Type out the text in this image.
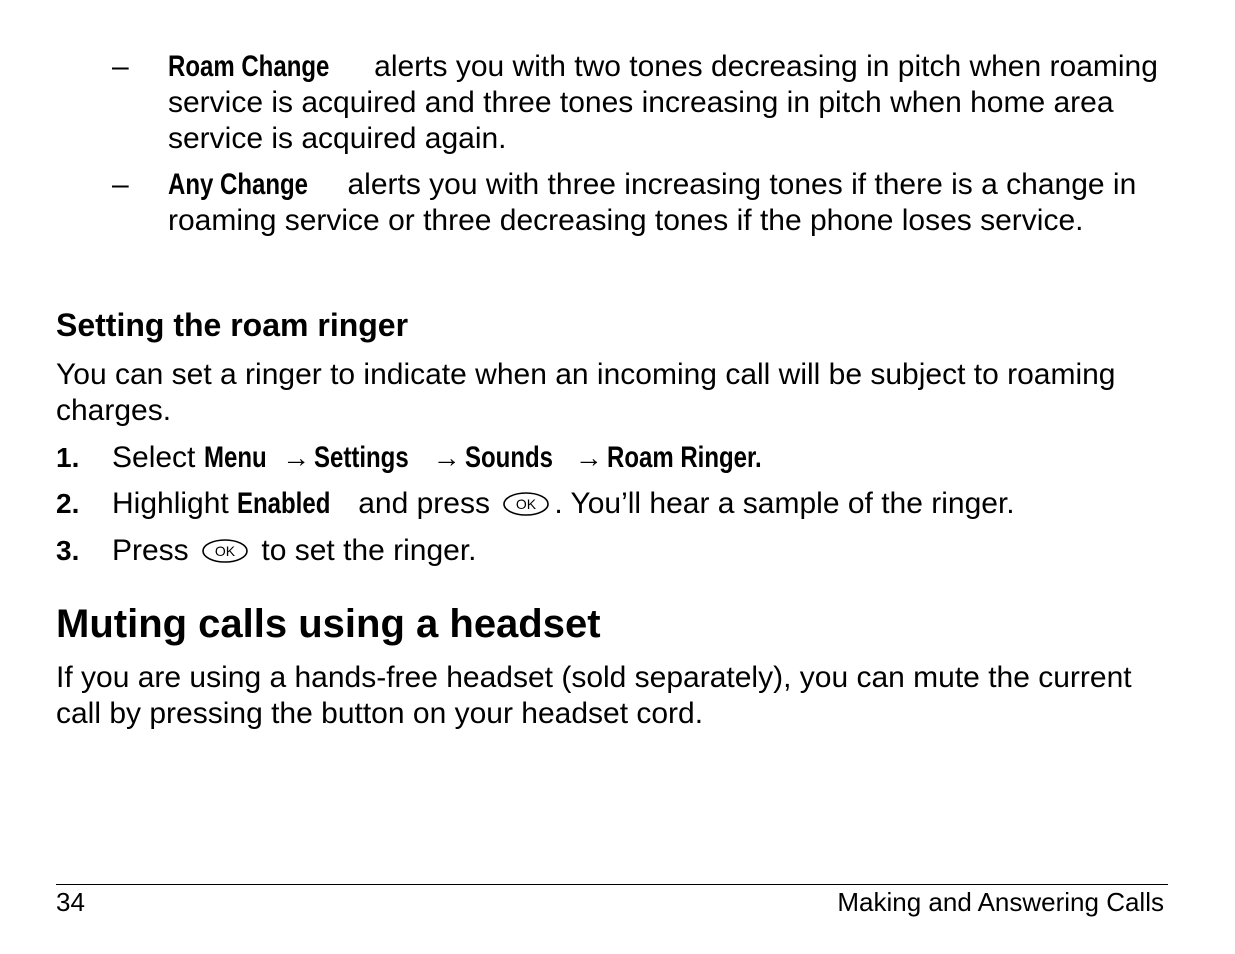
– Roam Change alerts you with two tones decreasing in pitch when roaming service is acquired and three tones increasing in pitch when home area service is acquired again.
– Any Change alerts you with three increasing tones if there is a change in roaming service or three decreasing tones if the phone loses service.
Setting the roam ringer
You can set a ringer to indicate when an incoming call will be subject to roaming charges.
1. Select Menu → Settings → Sounds → Roam Ringer.
2. Highlight Enabled and press OK . You’ll hear a sample of the ringer.
3. Press OK to set the ringer.
Muting calls using a headset
If you are using a hands-free headset (sold separately), you can mute the current call by pressing the button on your headset cord.
34	Making and Answering Calls
